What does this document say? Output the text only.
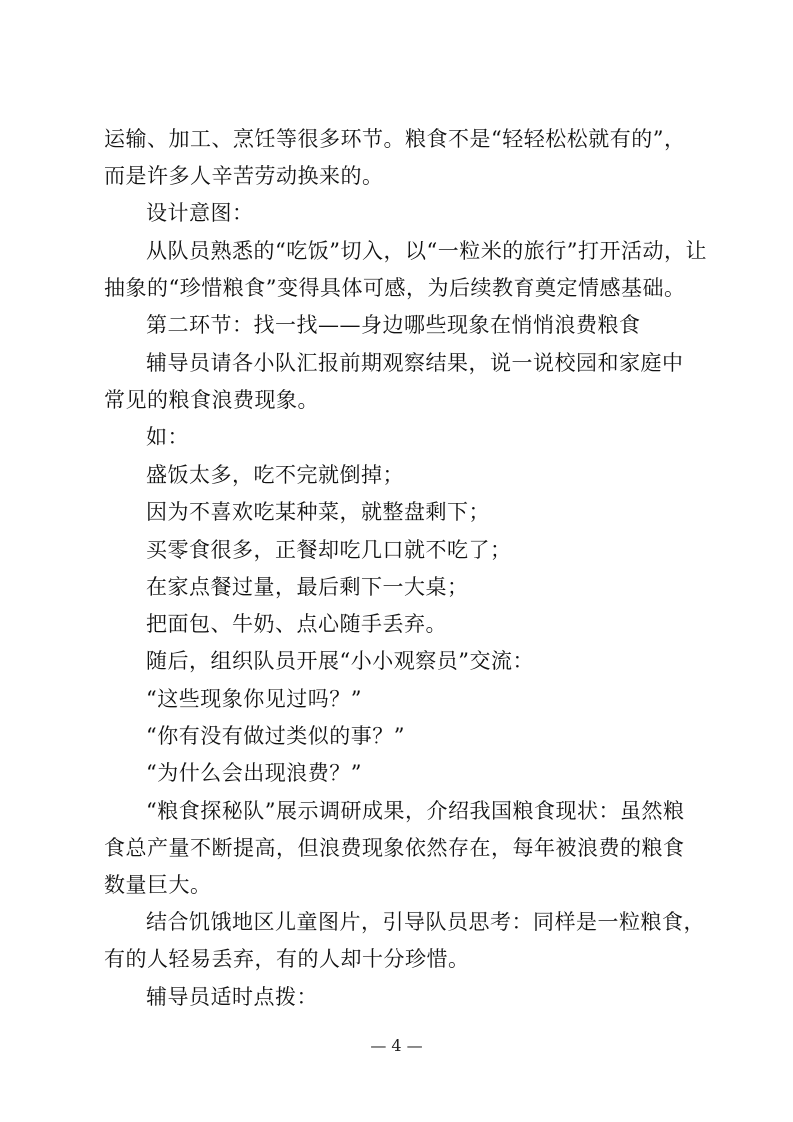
运输、加工、烹饪等很多环节。粮食不是“轻轻松松就有的”，
而是许多人辛苦劳动换来的。
设计意图：
从队员熟悉的“吃饭”切入，以“一粒米的旅行”打开活动，让
抽象的“珍惜粮食”变得具体可感，为后续教育奠定情感基础。
第二环节：找一找——身边哪些现象在悄悄浪费粮食
辅导员请各小队汇报前期观察结果，说一说校园和家庭中
常见的粮食浪费现象。
如：
盛饭太多，吃不完就倒掉；
因为不喜欢吃某种菜，就整盘剩下；
买零食很多，正餐却吃几口就不吃了；
在家点餐过量，最后剩下一大桌；
把面包、牛奶、点心随手丢弃。
随后，组织队员开展“小小观察员”交流：
“这些现象你见过吗？”
“你有没有做过类似的事？”
“为什么会出现浪费？”
“粮食探秘队”展示调研成果，介绍我国粮食现状：虽然粮
食总产量不断提高，但浪费现象依然存在，每年被浪费的粮食
数量巨大。
结合饥饿地区儿童图片，引导队员思考：同样是一粒粮食，
有的人轻易丢弃，有的人却十分珍惜。
辅导员适时点拨：
— 4 —
